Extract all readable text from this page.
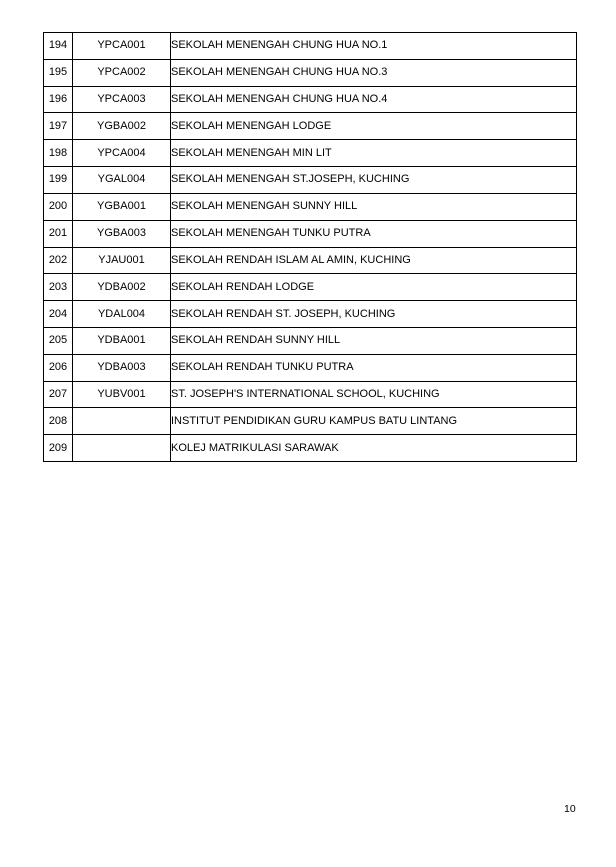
194	YPCA001	SEKOLAH MENENGAH CHUNG HUA NO.1
195	YPCA002	SEKOLAH MENENGAH CHUNG HUA NO.3
196	YPCA003	SEKOLAH MENENGAH CHUNG HUA NO.4
197	YGBA002	SEKOLAH MENENGAH LODGE
198	YPCA004	SEKOLAH MENENGAH MIN LIT
199	YGAL004	SEKOLAH MENENGAH ST.JOSEPH, KUCHING
200	YGBA001	SEKOLAH MENENGAH SUNNY HILL
201	YGBA003	SEKOLAH MENENGAH TUNKU PUTRA
202	YJAU001	SEKOLAH RENDAH ISLAM AL AMIN, KUCHING
203	YDBA002	SEKOLAH RENDAH LODGE
204	YDAL004	SEKOLAH RENDAH ST. JOSEPH, KUCHING
205	YDBA001	SEKOLAH RENDAH SUNNY HILL
206	YDBA003	SEKOLAH RENDAH TUNKU PUTRA
207	YUBV001	ST. JOSEPH'S INTERNATIONAL SCHOOL, KUCHING
208		INSTITUT PENDIDIKAN GURU KAMPUS BATU LINTANG
209		KOLEJ MATRIKULASI SARAWAK
10
